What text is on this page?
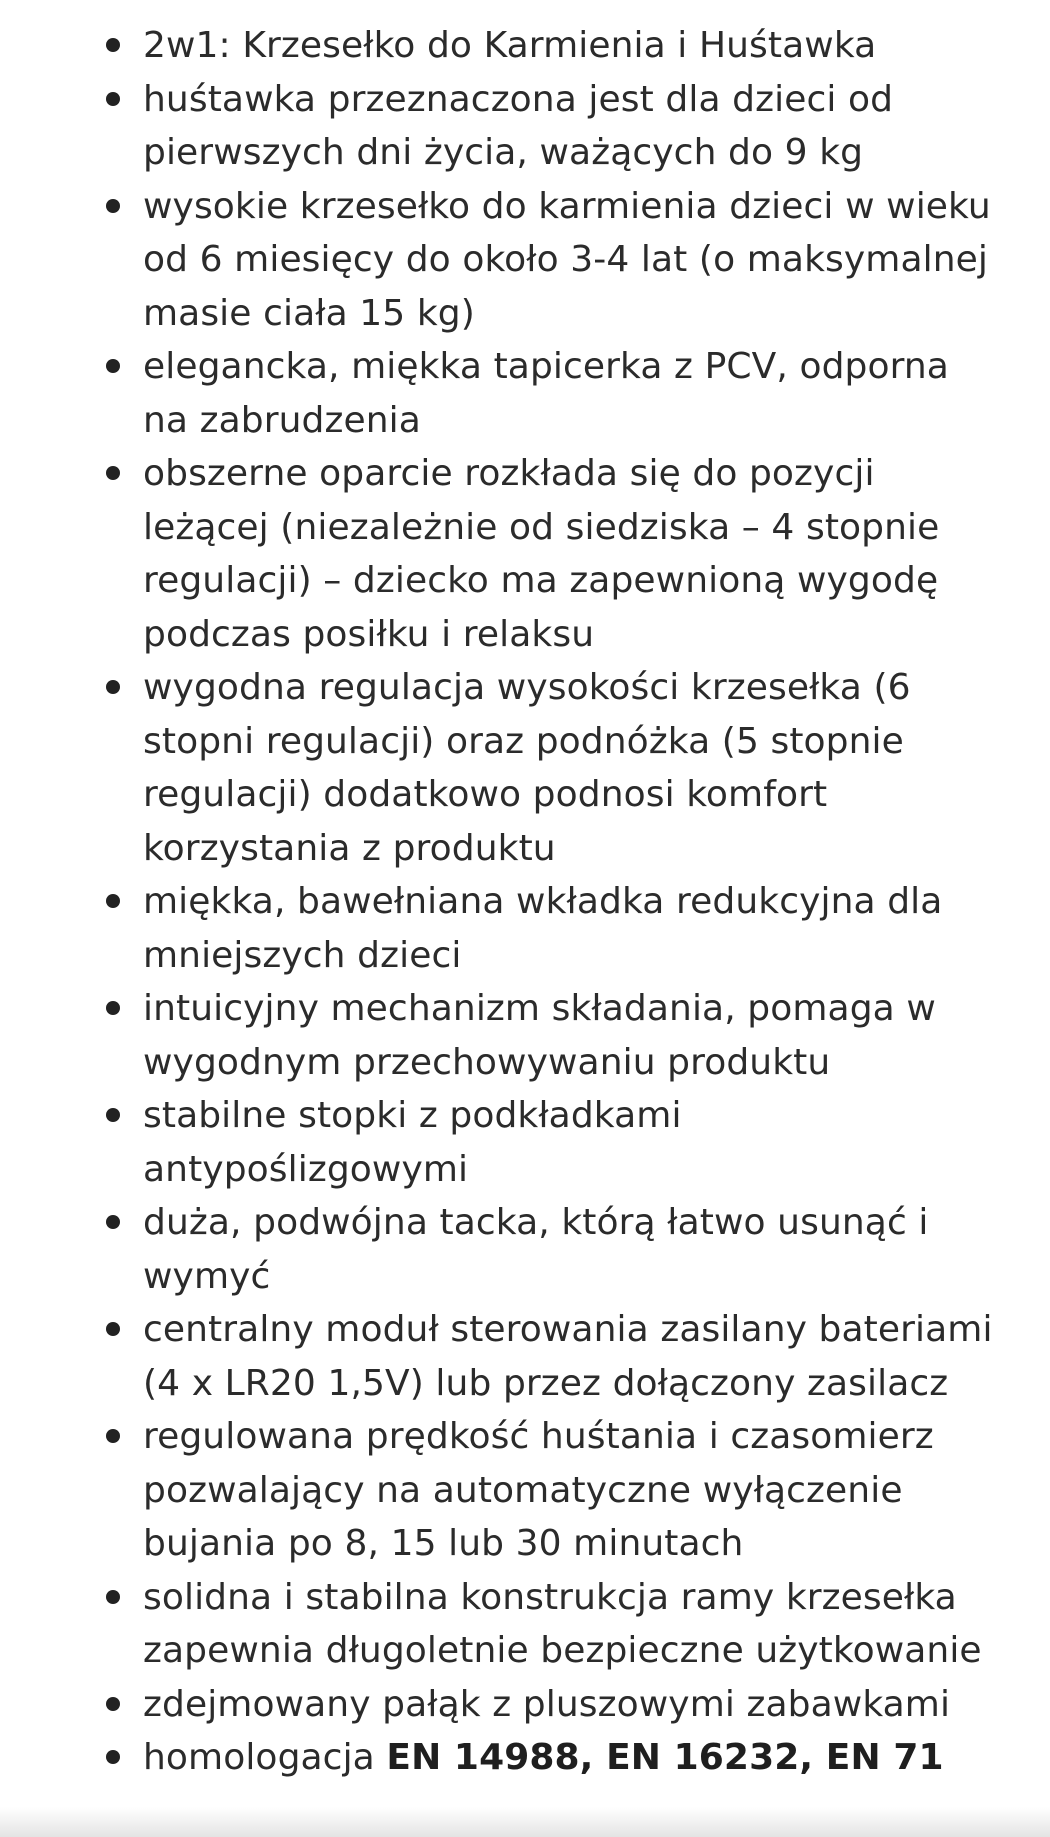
2w1: Krzesełko do Karmienia i Huśtawka
huśtawka przeznaczona jest dla dzieci od
pierwszych dni życia, ważących do 9 kg
wysokie krzesełko do karmienia dzieci w wieku
od 6 miesięcy do około 3-4 lat (o maksymalnej
masie ciała 15 kg)
elegancka, miękka tapicerka z PCV, odporna
na zabrudzenia
obszerne oparcie rozkłada się do pozycji
leżącej (niezależnie od siedziska – 4 stopnie
regulacji) – dziecko ma zapewnioną wygodę
podczas posiłku i relaksu
wygodna regulacja wysokości krzesełka (6
stopni regulacji) oraz podnóżka (5 stopnie
regulacji) dodatkowo podnosi komfort
korzystania z produktu
miękka, bawełniana wkładka redukcyjna dla
mniejszych dzieci
intuicyjny mechanizm składania, pomaga w
wygodnym przechowywaniu produktu
stabilne stopki z podkładkami
antypoślizgowymi
duża, podwójna tacka, którą łatwo usunąć i
wymyć
centralny moduł sterowania zasilany bateriami
(4 x LR20 1,5V) lub przez dołączony zasilacz
regulowana prędkość huśtania i czasomierz
pozwalający na automatyczne wyłączenie
bujania po 8, 15 lub 30 minutach
solidna i stabilna konstrukcja ramy krzesełka
zapewnia długoletnie bezpieczne użytkowanie
zdejmowany pałąk z pluszowymi zabawkami
homologacja EN 14988, EN 16232, EN 71
